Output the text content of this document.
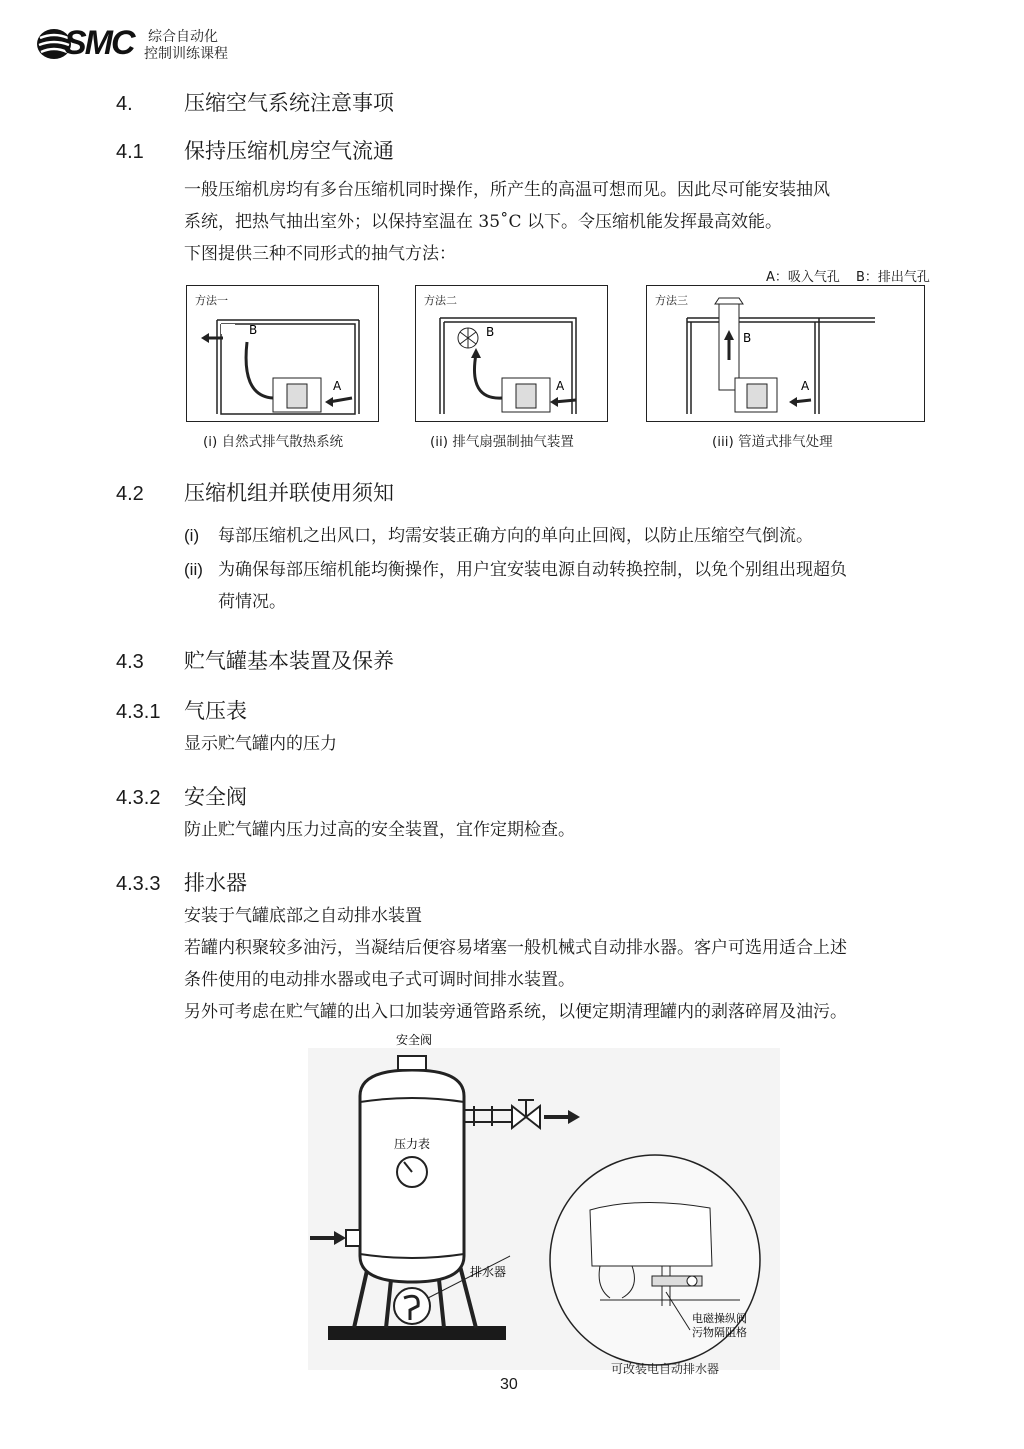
SMC 综合自动化
控制训练课程
4. 压缩空气系统注意事项
4.1 保持压缩机房空气流通

一般压缩机房均有多台压缩机同时操作，所产生的高温可想而见。因此尽可能安装抽风

系统，把热气抽出室外；以保持室温在 35˚C 以下。令压缩机能发挥最高效能。

下图提供三种不同形式的抽气方法：

A：吸入气孔 B：排出气孔
方法一
B
A
方法二
B
A
方法三
B
A
(i) 自然式排气散热系统	(ii) 排气扇强制抽气装置	(iii) 管道式排气处理
4.2 压缩机组并联使用须知
(i) 每部压缩机之出风口，均需安装正确方向的单向止回阀，以防止压缩空气倒流。

(ii) 为确保每部压缩机能均衡操作，用户宜安装电源自动转换控制，以免个别组出现超负

荷情况。

4.3 贮气罐基本装置及保养
4.3.1 气压表

显示贮气罐内的压力

4.3.2 安全阀

防止贮气罐内压力过高的安全装置，宜作定期检查。

4.3.3 排水器

安装于气罐底部之自动排水装置

若罐内积聚较多油污，当凝结后便容易堵塞一般机械式自动排水器。客户可选用适合上述

条件使用的电动排水器或电子式可调时间排水装置。

另外可考虑在贮气罐的出入口加装旁通管路系统，以便定期清理罐内的剥落碎屑及油污。

安全阀
压力表
排水器
电磁操纵阀
污物隔阻格
可改装电自动排水器
30
